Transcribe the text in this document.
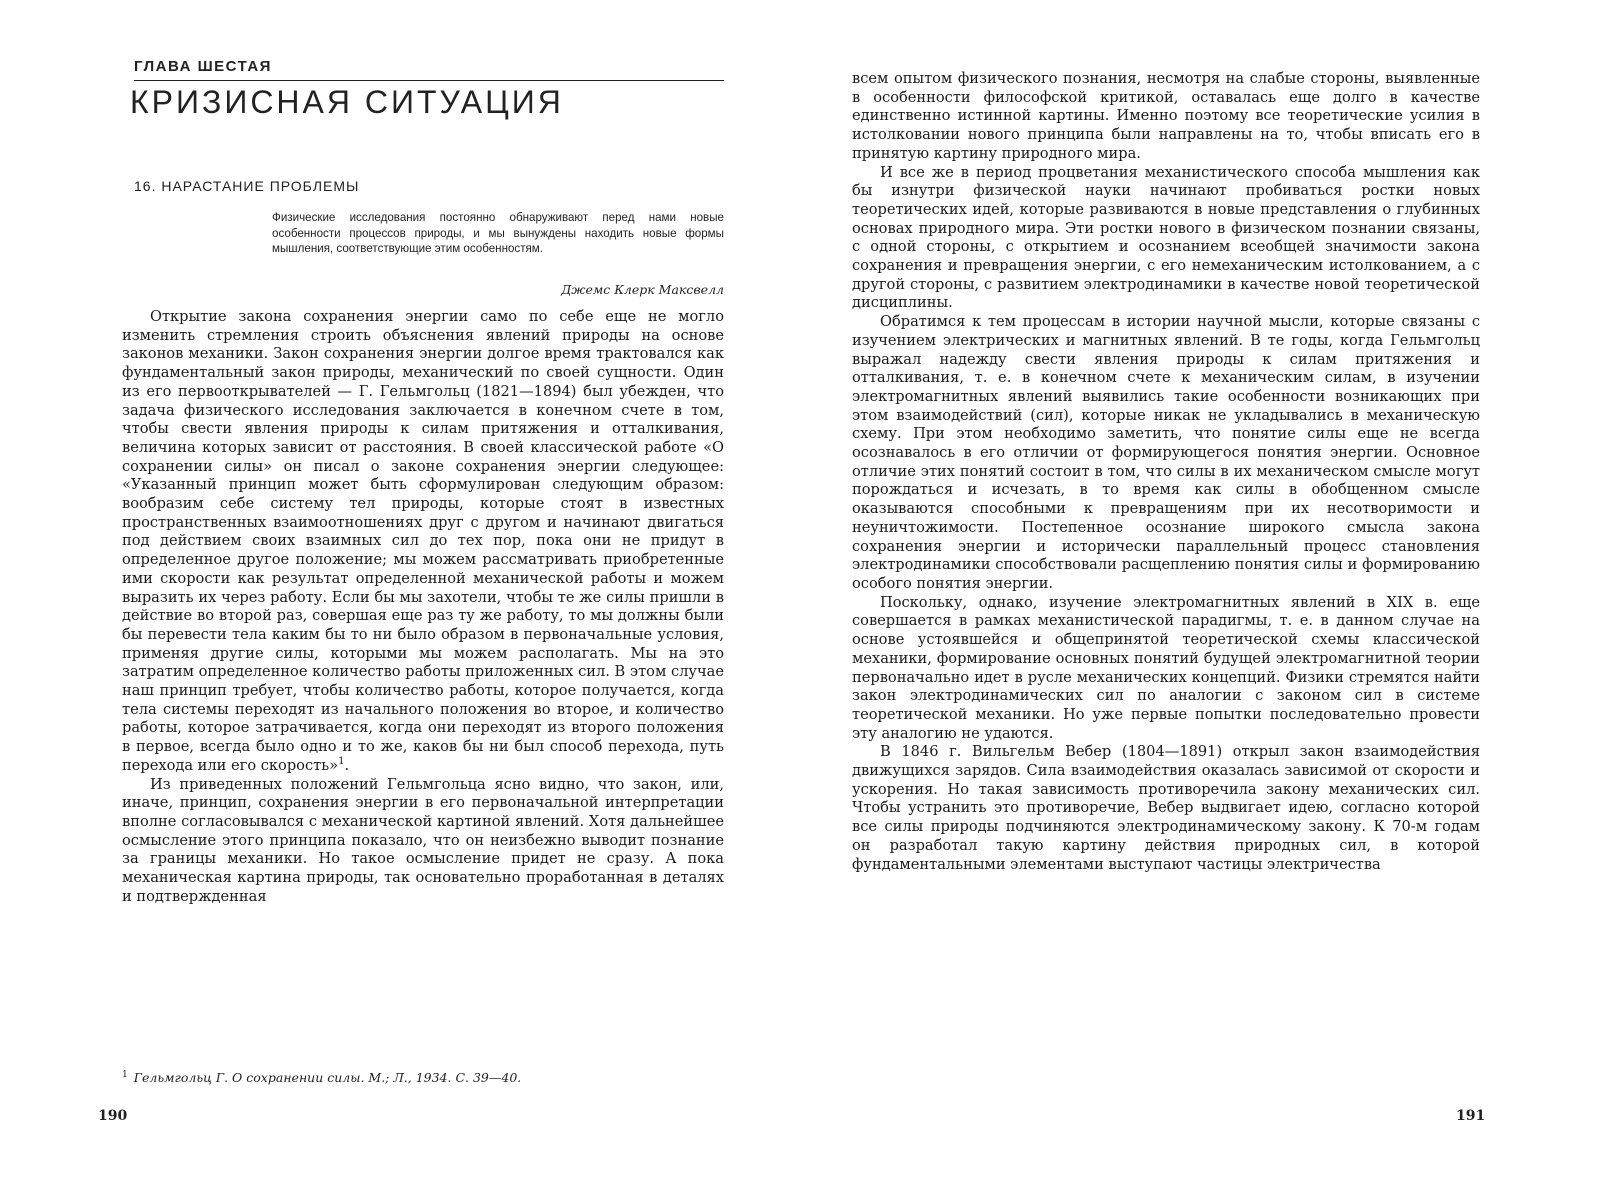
ГЛАВА ШЕСТАЯ
КРИЗИСНАЯ СИТУАЦИЯ
16. НАРАСТАНИЕ ПРОБЛЕМЫ
Физические исследования постоянно обнаруживают перед нами новые особенности процессов природы, и мы вынуждены находить новые формы мышления, соответствующие этим особенностям.
Джемс Клерк Максвелл

Открытие закона сохранения энергии само по себе еще не могло изменить стремления строить объяснения явлений природы на основе законов механики. Закон сохранения энергии долгое время трактовался как фундаментальный закон природы, механический по своей сущности. Один из его первооткрывателей — Г. Гельмгольц (1821—1894) был убежден, что задача физического исследования заключается в конечном счете в том, чтобы свести явления природы к силам притяжения и отталкивания, величина которых зависит от расстояния. В своей классической работе «О сохранении силы» он писал о законе сохранения энергии следующее: «Указанный принцип может быть сформулирован следующим образом: вообразим себе систему тел природы, которые стоят в известных пространственных взаимоотношениях друг с другом и начинают двигаться под действием своих взаимных сил до тех пор, пока они не придут в определенное другое положение; мы можем рассматривать приобретенные ими скорости как результат определенной механической работы и можем выразить их через работу. Если бы мы захотели, чтобы те же силы пришли в действие во второй раз, совершая еще раз ту же работу, то мы должны были бы перевести тела каким бы то ни было образом в первоначальные условия, применяя другие силы, которыми мы можем располагать. Мы на это затратим определенное количество работы приложенных сил. В этом случае наш принцип требует, чтобы количество работы, которое получается, когда тела системы переходят из начального положения во второе, и количество работы, которое затрачивается, когда они переходят из второго положения в первое, всегда было одно и то же, каков бы ни был способ перехода, путь перехода или его скорость»$^1$.

Из приведенных положений Гельмгольца ясно видно, что закон, или, иначе, принцип, сохранения энергии в его первоначальной интерпретации вполне согласовывался с механической картиной явлений. Хотя дальнейшее осмысление этого принципа показало, что он неизбежно выводит познание за границы механики. Но такое осмысление придет не сразу. А пока механическая картина природы, так основательно проработанная в деталях и подтвержденная

$^1$ Гельмгольц Г. О сохранении силы. М.; Л., 1934. С. 39—40.
190

всем опытом физического познания, несмотря на слабые стороны, выявленные в особенности философской критикой, оставалась еще долго в качестве единственно истинной картины. Именно поэтому все теоретические усилия в истолковании нового принципа были направлены на то, чтобы вписать его в принятую картину природного мира.

И все же в период процветания механистического способа мышления как бы изнутри физической науки начинают пробиваться ростки новых теоретических идей, которые развиваются в новые представления о глубинных основах природного мира. Эти ростки нового в физическом познании связаны, с одной стороны, с открытием и осознанием всеобщей значимости закона сохранения и превращения энергии, с его немеханическим истолкованием, а с другой стороны, с развитием электродинамики в качестве новой теоретической дисциплины.

Обратимся к тем процессам в истории научной мысли, которые связаны с изучением электрических и магнитных явлений. В те годы, когда Гельмгольц выражал надежду свести явления природы к силам притяжения и отталкивания, т. е. в конечном счете к механическим силам, в изучении электромагнитных явлений выявились такие особенности возникающих при этом взаимодействий (сил), которые никак не укладывались в механическую схему. При этом необходимо заметить, что понятие силы еще не всегда осознавалось в его отличии от формирующегося понятия энергии. Основное отличие этих понятий состоит в том, что силы в их механическом смысле могут порождаться и исчезать, в то время как силы в обобщенном смысле оказываются способными к превращениям при их несотворимости и неуничтожимости. Постепенное осознание широкого смысла закона сохранения энергии и исторически параллельный процесс становления электродинамики способствовали расщеплению понятия силы и формированию особого понятия энергии.

Поскольку, однако, изучение электромагнитных явлений в XIX в. еще совершается в рамках механистической парадигмы, т. е. в данном случае на основе устоявшейся и общепринятой теоретической схемы классической механики, формирование основных понятий будущей электромагнитной теории первоначально идет в русле механических концепций. Физики стремятся найти закон электродинамических сил по аналогии с законом сил в системе теоретической механики. Но уже первые попытки последовательно провести эту аналогию не удаются.

В 1846 г. Вильгельм Вебер (1804—1891) открыл закон взаимодействия движущихся зарядов. Сила взаимодействия оказалась зависимой от скорости и ускорения. Но такая зависимость противоречила закону механических сил. Чтобы устранить это противоречие, Вебер выдвигает идею, согласно которой все силы природы подчиняются электродинамическому закону. К 70-м годам он разработал такую картину действия природных сил, в которой фундаментальными элементами выступают частицы электричества

191
